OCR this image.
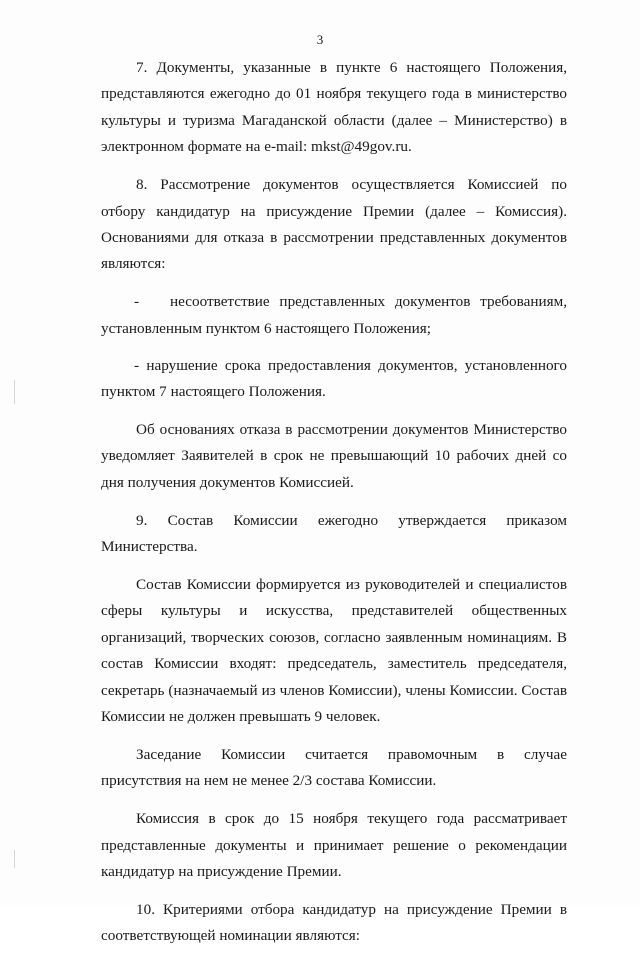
3

7. Документы, указанные в пункте 6 настоящего Положения, представляются ежегодно до 01 ноября текущего года в министерство культуры и туризма Магаданской области (далее – Министерство) в электронном формате на e-mail: mkst@49gov.ru.

8. Рассмотрение документов осуществляется Комиссией по отбору кандидатур на присуждение Премии (далее – Комиссия). Основаниями для отказа в рассмотрении представленных документов являются:

- несоответствие представленных документов требованиям, установленным пунктом 6 настоящего Положения;

- нарушение срока предоставления документов, установленного пунктом 7 настоящего Положения.

Об основаниях отказа в рассмотрении документов Министерство уведомляет Заявителей в срок не превышающий 10 рабочих дней со дня получения документов Комиссией.

9. Состав Комиссии ежегодно утверждается приказом Министерства.

Состав Комиссии формируется из руководителей и специалистов сферы культуры и искусства, представителей общественных организаций, творческих союзов, согласно заявленным номинациям. В состав Комиссии входят: председатель, заместитель председателя, секретарь (назначаемый из членов Комиссии), члены Комиссии. Состав Комиссии не должен превышать 9 человек.

Заседание Комиссии считается правомочным в случае присутствия на нем не менее 2/3 состава Комиссии.

Комиссия в срок до 15 ноября текущего года рассматривает представленные документы и принимает решение о рекомендации кандидатур на присуждение Премии.

10. Критериями отбора кандидатур на присуждение Премии в соответствующей номинации являются:
